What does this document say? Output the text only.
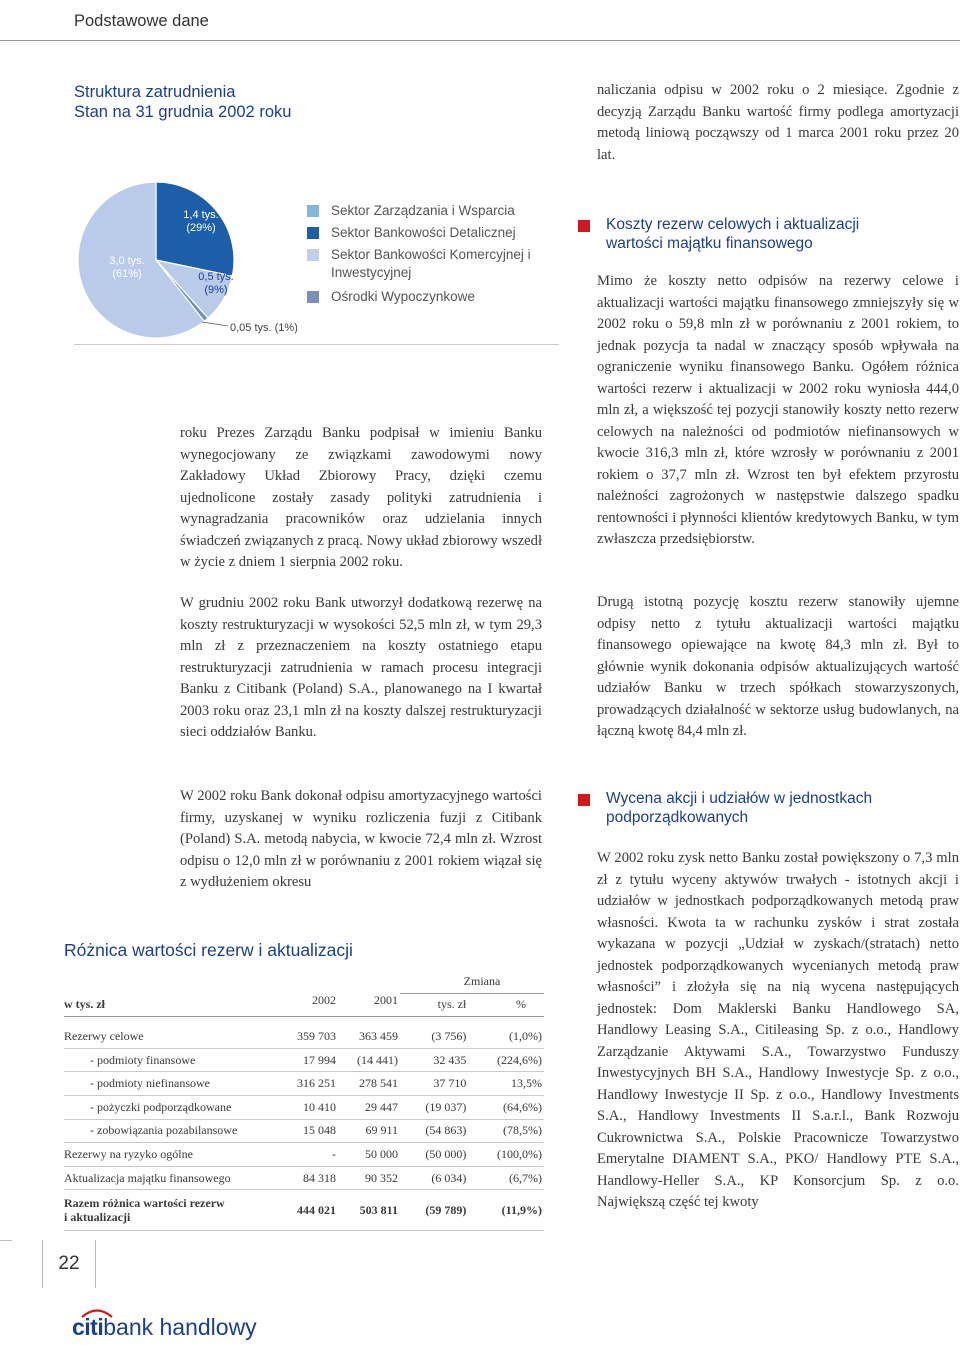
Podstawowe dane
Struktura zatrudnienia
Stan na 31 grudnia 2002 roku
1,4 tys.
(29%)
0,5 tys.
(9%)
0,05 tys. (1%)
3,0 tys.
(61%)
Sektor Zarządzania i Wsparcia
Sektor Bankowości Detalicznej
Sektor Bankowości Komercyjnej i Inwestycyjnej
Ośrodki Wypoczynkowe

roku Prezes Zarządu Banku podpisał w imieniu Banku wynegocjowany ze związkami zawodowymi nowy Zakładowy Układ Zbiorowy Pracy, dzięki czemu ujednolicone zostały zasady polityki zatrudnienia i wynagradzania pracowników oraz udzielania innych świadczeń związanych z pracą. Nowy układ zbiorowy wszedł w życie z dniem 1 sierpnia 2002 roku.

W grudniu 2002 roku Bank utworzył dodatkową rezerwę na koszty restrukturyzacji w wysokości 52,5 mln zł, w tym 29,3 mln zł z przeznaczeniem na koszty ostatniego etapu restrukturyzacji zatrudnienia w ramach procesu integracji Banku z Citibank (Poland) S.A., planowanego na I kwartał 2003 roku oraz 23,1 mln zł na koszty dalszej restrukturyzacji sieci oddziałów Banku.

W 2002 roku Bank dokonał odpisu amortyzacyjnego wartości firmy, uzyskanej w wyniku rozliczenia fuzji z Citibank (Poland) S.A. metodą nabycia, w kwocie 72,4 mln zł. Wzrost odpisu o 12,0 mln zł w porównaniu z 2001 rokiem wiązał się z wydłużeniem okresu

naliczania odpisu w 2002 roku o 2 miesiące. Zgodnie z decyzją Zarządu Banku wartość firmy podlega amortyzacji metodą liniową począwszy od 1 marca 2001 roku przez 20 lat.

Koszty rezerw celowych i aktualizacji wartości majątku finansowego

Mimo że koszty netto odpisów na rezerwy celowe i aktualizacji wartości majątku finansowego zmniejszyły się w 2002 roku o 59,8 mln zł w porównaniu z 2001 rokiem, to jednak pozycja ta nadal w znaczący sposób wpływała na ograniczenie wyniku finansowego Banku. Ogółem różnica wartości rezerw i aktualizacji w 2002 roku wyniosła 444,0 mln zł, a większość tej pozycji stanowiły koszty netto rezerw celowych na należności od podmiotów niefinansowych w kwocie 316,3 mln zł, które wzrosły w porównaniu z 2001 rokiem o 37,7 mln zł. Wzrost ten był efektem przyrostu należności zagrożonych w następstwie dalszego spadku rentowności i płynności klientów kredytowych Banku, w tym zwłaszcza przedsiębiorstw.

Drugą istotną pozycję kosztu rezerw stanowiły ujemne odpisy netto z tytułu aktualizacji wartości majątku finansowego opiewające na kwotę 84,3 mln zł. Był to głównie wynik dokonania odpisów aktualizujących wartość udziałów Banku w trzech spółkach stowarzyszonych, prowadzących działalność w sektorze usług budowlanych, na łączną kwotę 84,4 mln zł.

Wycena akcji i udziałów w jednostkach podporządkowanych

W 2002 roku zysk netto Banku został powiększony o 7,3 mln zł z tytułu wyceny aktywów trwałych - istotnych akcji i udziałów w jednostkach podporządkowanych metodą praw własności. Kwota ta w rachunku zysków i strat została wykazana w pozycji „Udział w zyskach/(stratach) netto jednostek podporządkowanych wycenianych metodą praw własności” i złożyła się na nią wycena następujących jednostek: Dom Maklerski Banku Handlowego SA, Handlowy Leasing S.A., Citileasing Sp. z o.o., Handlowy Zarządzanie Aktywami S.A., Towarzystwo Funduszy Inwestycyjnych BH S.A., Handlowy Inwestycje Sp. z o.o., Handlowy Inwestycje II Sp. z o.o., Handlowy Investments S.A., Handlowy Investments II S.a.r.l., Bank Rozwoju Cukrownictwa S.A., Polskie Pracownicze Towarzystwo Emerytalne DIAMENT S.A., PKO/ Handlowy PTE S.A., Handlowy-Heller S.A., KP Konsorcjum Sp. z o.o. Największą część tej kwoty

Różnica wartości rezerw i aktualizacji
			Zmiana	
w tys. zł	2002	2001	tys. zł	%

Rezerwy celowe	359 703	363 459	(3 756)	(1,0%)
- podmioty finansowe	17 994	(14 441)	32 435	(224,6%)
- podmioty niefinansowe	316 251	278 541	37 710	13,5%
- pożyczki podporządkowane	10 410	29 447	(19 037)	(64,6%)
- zobowiązania pozabilansowe	15 048	69 911	(54 863)	(78,5%)
Rezerwy na ryzyko ogólne	-	50 000	(50 000)	(100,0%)
Aktualizacja majątku finansowego	84 318	90 352	(6 034)	(6,7%)

Razem różnica wartości rezerw
i aktualizacji	444 021	503 811	(59 789)	(11,9%)
22
citibank handlowy
